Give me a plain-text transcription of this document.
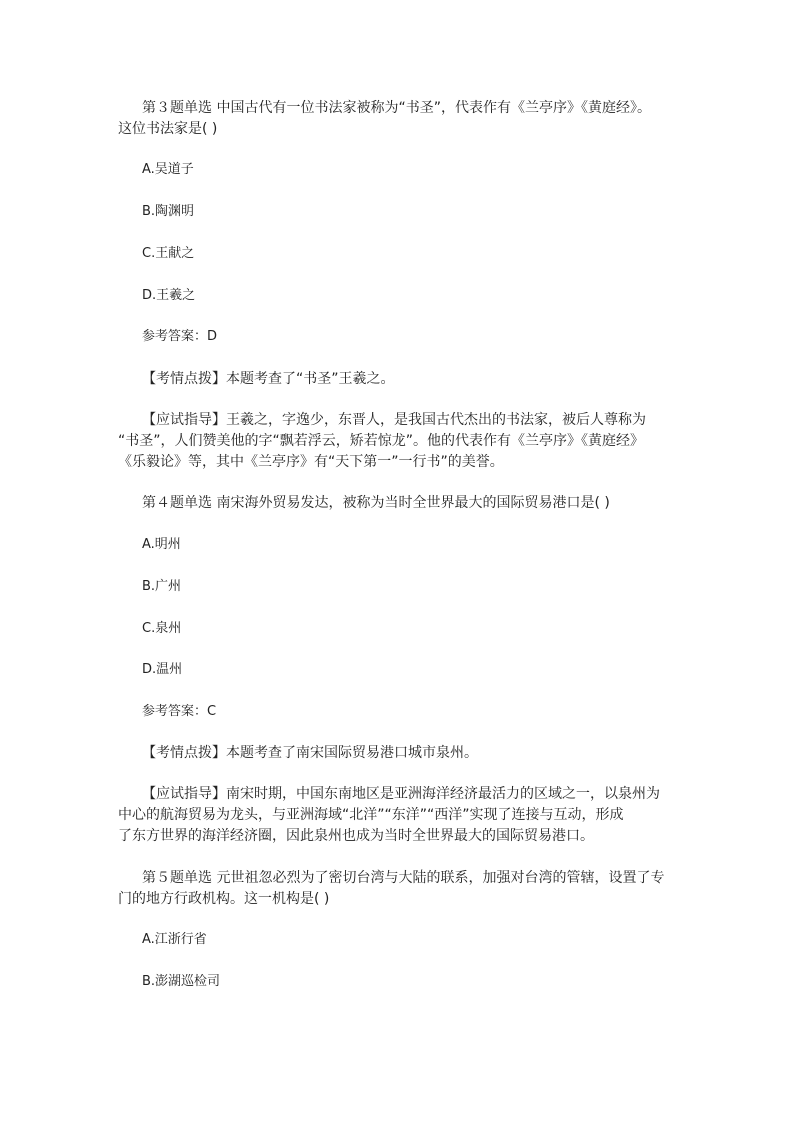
第３题单选 中国古代有一位书法家被称为“书圣”，代表作有《兰亭序》《黄庭经》。
这位书法家是( )
A.吴道子
B.陶渊明
C.王献之
D.王羲之
参考答案：D
【考情点拨】本题考查了“书圣”王羲之。
【应试指导】王羲之，字逸少，东晋人，是我国古代杰出的书法家，被后人尊称为
“书圣”，人们赞美他的字“飘若浮云，矫若惊龙”。他的代表作有《兰亭序》《黄庭经》
《乐毅论》等，其中《兰亭序》有“天下第一”一行书”的美誉。
第４题单选 南宋海外贸易发达，被称为当时全世界最大的国际贸易港口是( )
A.明州
B.广州
C.泉州
D.温州
参考答案：C
【考情点拨】本题考查了南宋国际贸易港口城市泉州。
【应试指导】南宋时期，中国东南地区是亚洲海洋经济最活力的区域之一，以泉州为
中心的航海贸易为龙头，与亚洲海域“北洋”“东洋”“西洋”实现了连接与互动，形成
了东方世界的海洋经济圈，因此泉州也成为当时全世界最大的国际贸易港口。
第５题单选 元世祖忽必烈为了密切台湾与大陆的联系，加强对台湾的管辖，设置了专
门的地方行政机构。这一机构是( )
A.江浙行省
B.澎湖巡检司
